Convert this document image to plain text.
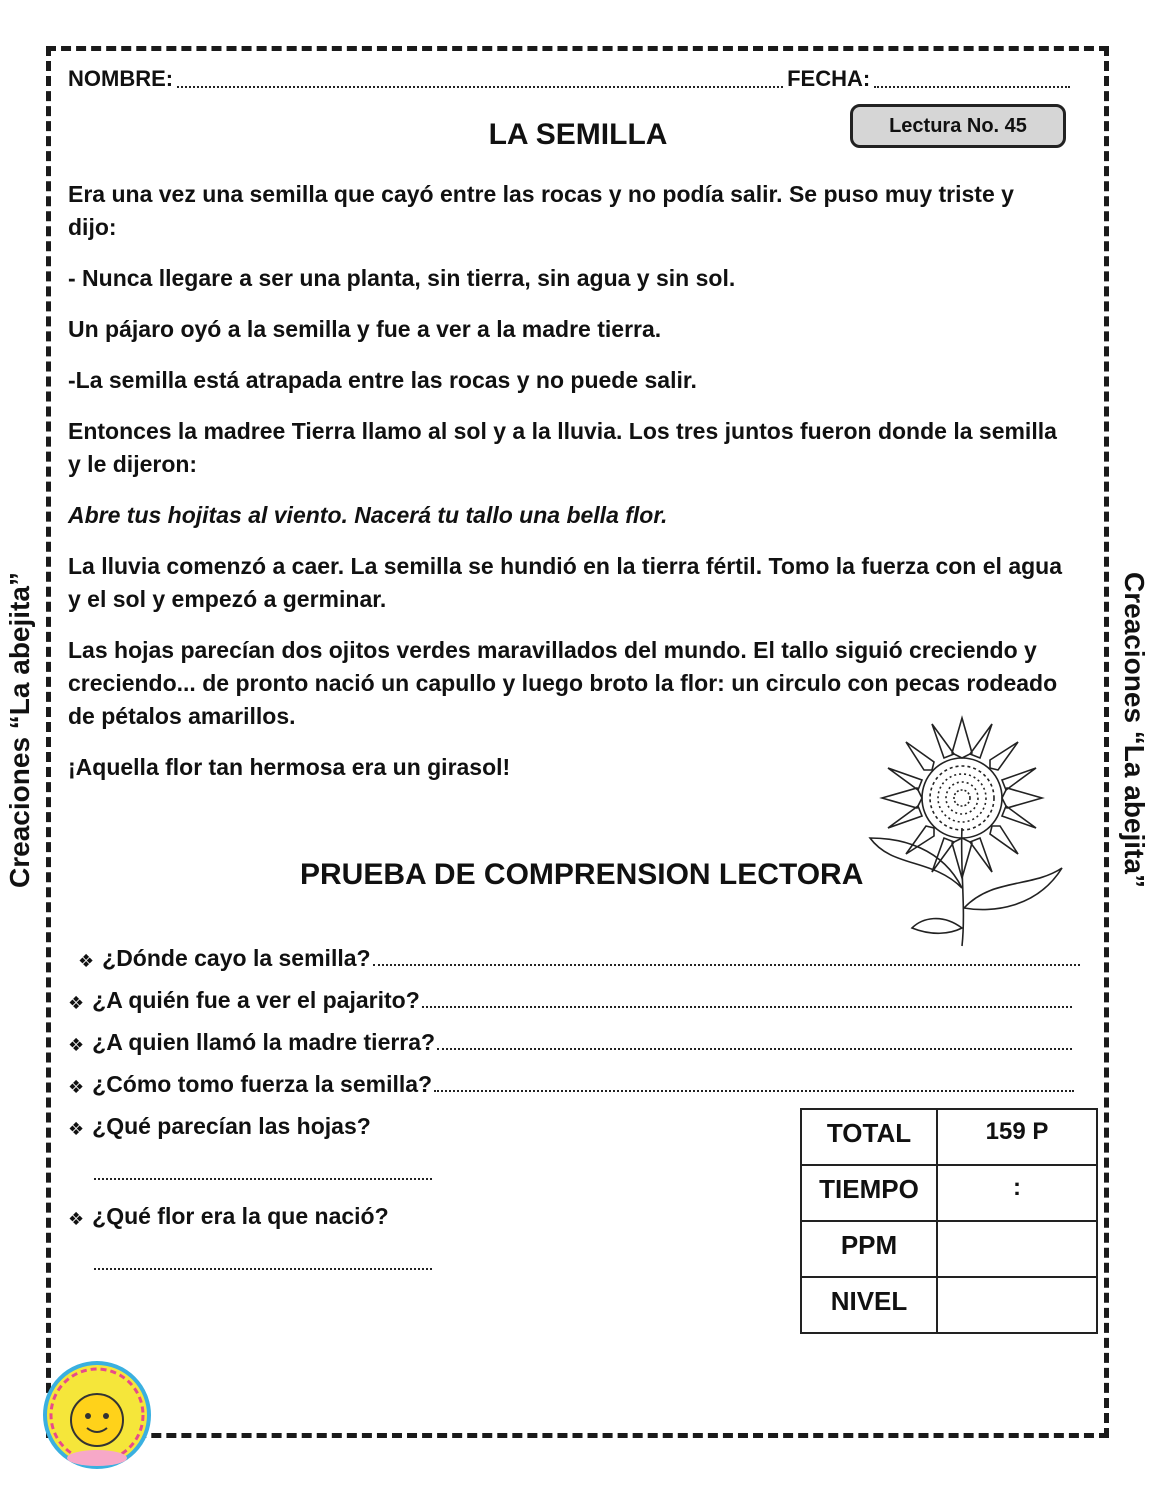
Creaciones “La abejita”	Creaciones “La abejita”
NOMBRE:	FECHA:
LA SEMILLA	Lectura No. 45

Era una vez una semilla que cayó entre las rocas y no podía salir. Se puso muy triste y dijo:

- Nunca llegare a ser una planta, sin tierra, sin agua y sin sol.

Un pájaro oyó a la semilla y fue a ver a la madre tierra.

-La semilla está atrapada entre las rocas y no puede salir.

Entonces la madree Tierra llamo al sol y a la lluvia. Los tres juntos fueron donde la semilla y le dijeron:

Abre tus hojitas al viento. Nacerá tu tallo una bella flor.

La lluvia comenzó a caer. La semilla se hundió en la tierra fértil. Tomo la fuerza con el agua y el sol y empezó a germinar.

Las hojas parecían dos ojitos verdes maravillados del mundo. El tallo siguió creciendo y creciendo... de pronto nació un capullo y luego broto la flor: un circulo con pecas rodeado de pétalos amarillos.

¡Aquella flor tan hermosa era un girasol!

PRUEBA DE COMPRENSION LECTORA
❖ ¿Dónde cayo la semilla?
❖ ¿A quién fue a ver el pajarito?
❖ ¿A quien llamó la madre tierra?
❖ ¿Cómo tomo fuerza la semilla?
❖ ¿Qué parecían las hojas?
❖ ¿Qué flor era la que nació?
TOTAL	159 P
TIEMPO	:
PPM	
NIVEL	
